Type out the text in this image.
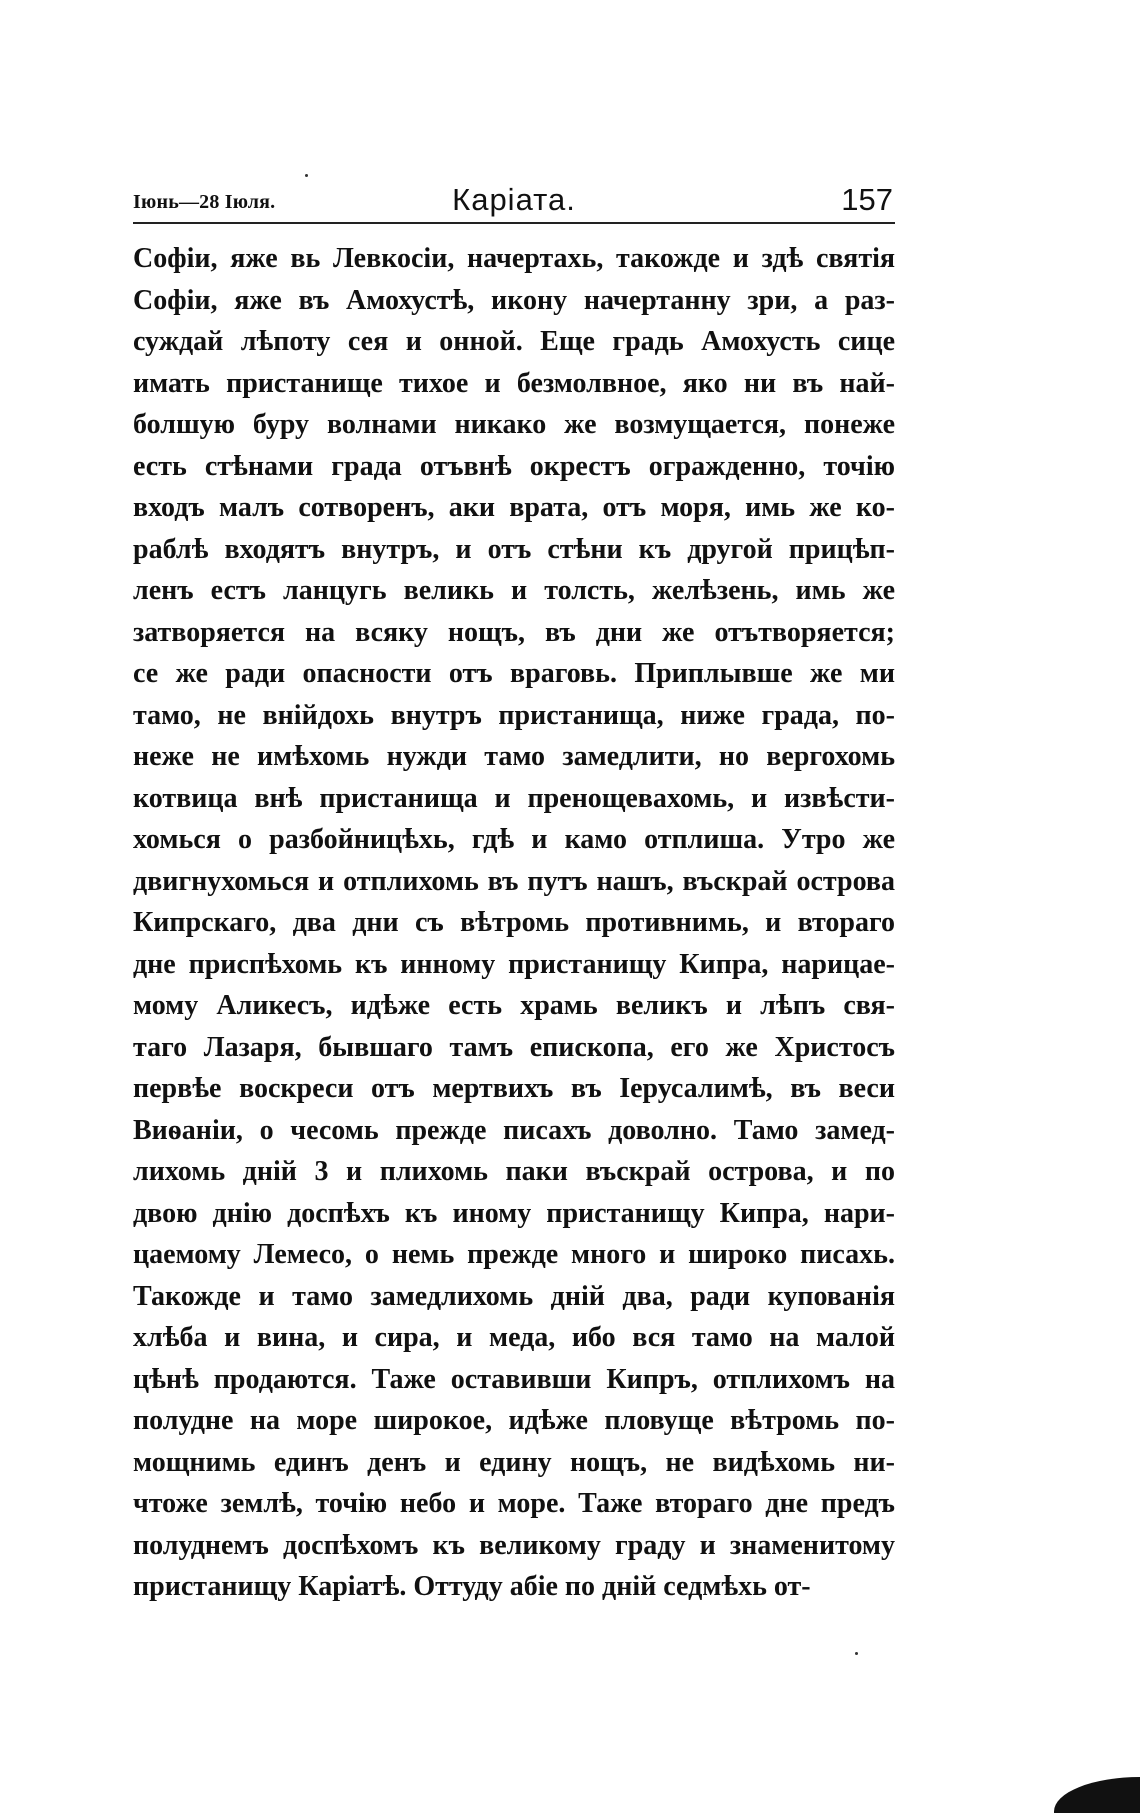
Іюнь—28 Іюля.	Каріата.	157
Софіи, яже вь Левкосіи, начертахь, такожде и здѣ святія
Софіи, яже въ Амохустѣ, икону начертанну зри, а раз-
суждай лѣпоту сея и онной. Еще градь Амохусть сице
имать пристанище тихое и безмолвное, яко ни въ най-
болшую буру волнами никако же возмущается, понеже
есть стѣнами града отъвнѣ окрестъ огражденно, точію
входъ малъ сотворенъ, аки врата, отъ моря, имь же ко-
раблѣ входятъ внутръ, и отъ стѣни къ другой прицѣп-
ленъ естъ ланцугь великь и толсть, желѣзень, имь же
затворяется на всяку нощъ, въ дни же отътворяется;
се же ради опасности отъ враговь. Приплывше же ми
тамо, не внійдохь внутръ пристанища, ниже града, по-
неже не имѣхомь нужди тамо замедлити, но вергохомь
котвица внѣ пристанища и пренощевахомь, и извѣсти-
хомься о разбойницѣхь, гдѣ и камо отплиша. Утро же
двигнухомься и отплихомь въ путъ нашъ, въскрай острова
Кипрскаго, два дни съ вѣтромь противнимь, и втораго
дне приспѣхомь къ инному пристанищу Кипра, нарицае-
мому Аликесъ, идѣже есть храмь великъ и лѣпъ свя-
таго Лазаря, бывшаго тамъ епископа, его же Христосъ
первѣе воскреси отъ мертвихъ въ Іерусалимѣ, въ веси
Виѳаніи, о чесомь прежде писахъ доволно. Тамо замед-
лихомь дній 3 и плихомь паки въскрай острова, и по
двою днію доспѣхъ къ иному пристанищу Кипра, нари-
цаемому Лемесо, о немь прежде много и широко писахь.
Такожде и тамо замедлихомь дній два, ради купованія
хлѣба и вина, и сира, и меда, ибо вся тамо на малой
цѣнѣ продаются. Таже оставивши Кипръ, отплихомъ на
полудне на море широкое, идѣже пловуще вѣтромь по-
мощнимь единъ денъ и едину нощъ, не видѣхомь ни-
чтоже землѣ, точію небо и море. Таже втораго дне предъ
полуднемъ доспѣхомъ къ великому граду и знаменитому
пристанищу Каріатѣ. Оттуду абіе по дній седмѣхь от-
